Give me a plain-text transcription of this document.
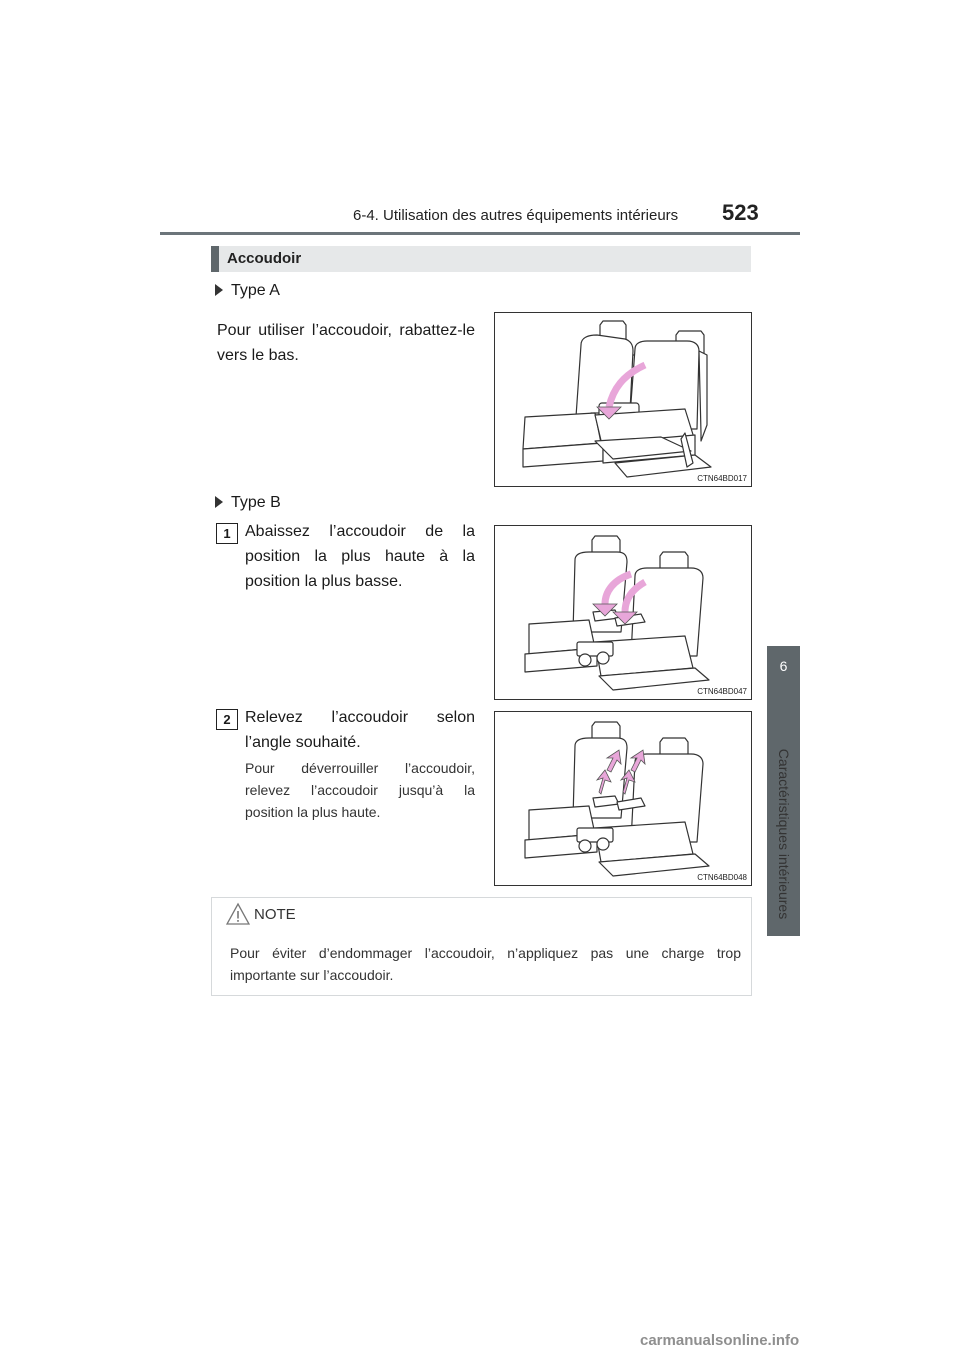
6-4. Utilisation des autres équipements intérieurs 523
6
Caractéristiques intérieures
Accoudoir
Type A
Pour utiliser l’accoudoir, rabattez-le vers le bas.
CTN64BD017
Type B
1 Abaissez l’accoudoir de la position la plus haute à la position la plus basse.
CTN64BD047
2 Relevez l’accoudoir selon l’angle souhaité.
Pour déverrouiller l’accoudoir, relevez l’accoudoir jusqu’à la position la plus haute.
CTN64BD048
NOTE
Pour éviter d’endommager l’accoudoir, n’appliquez pas une charge trop importante sur l’accoudoir.
carmanualsonline.info
